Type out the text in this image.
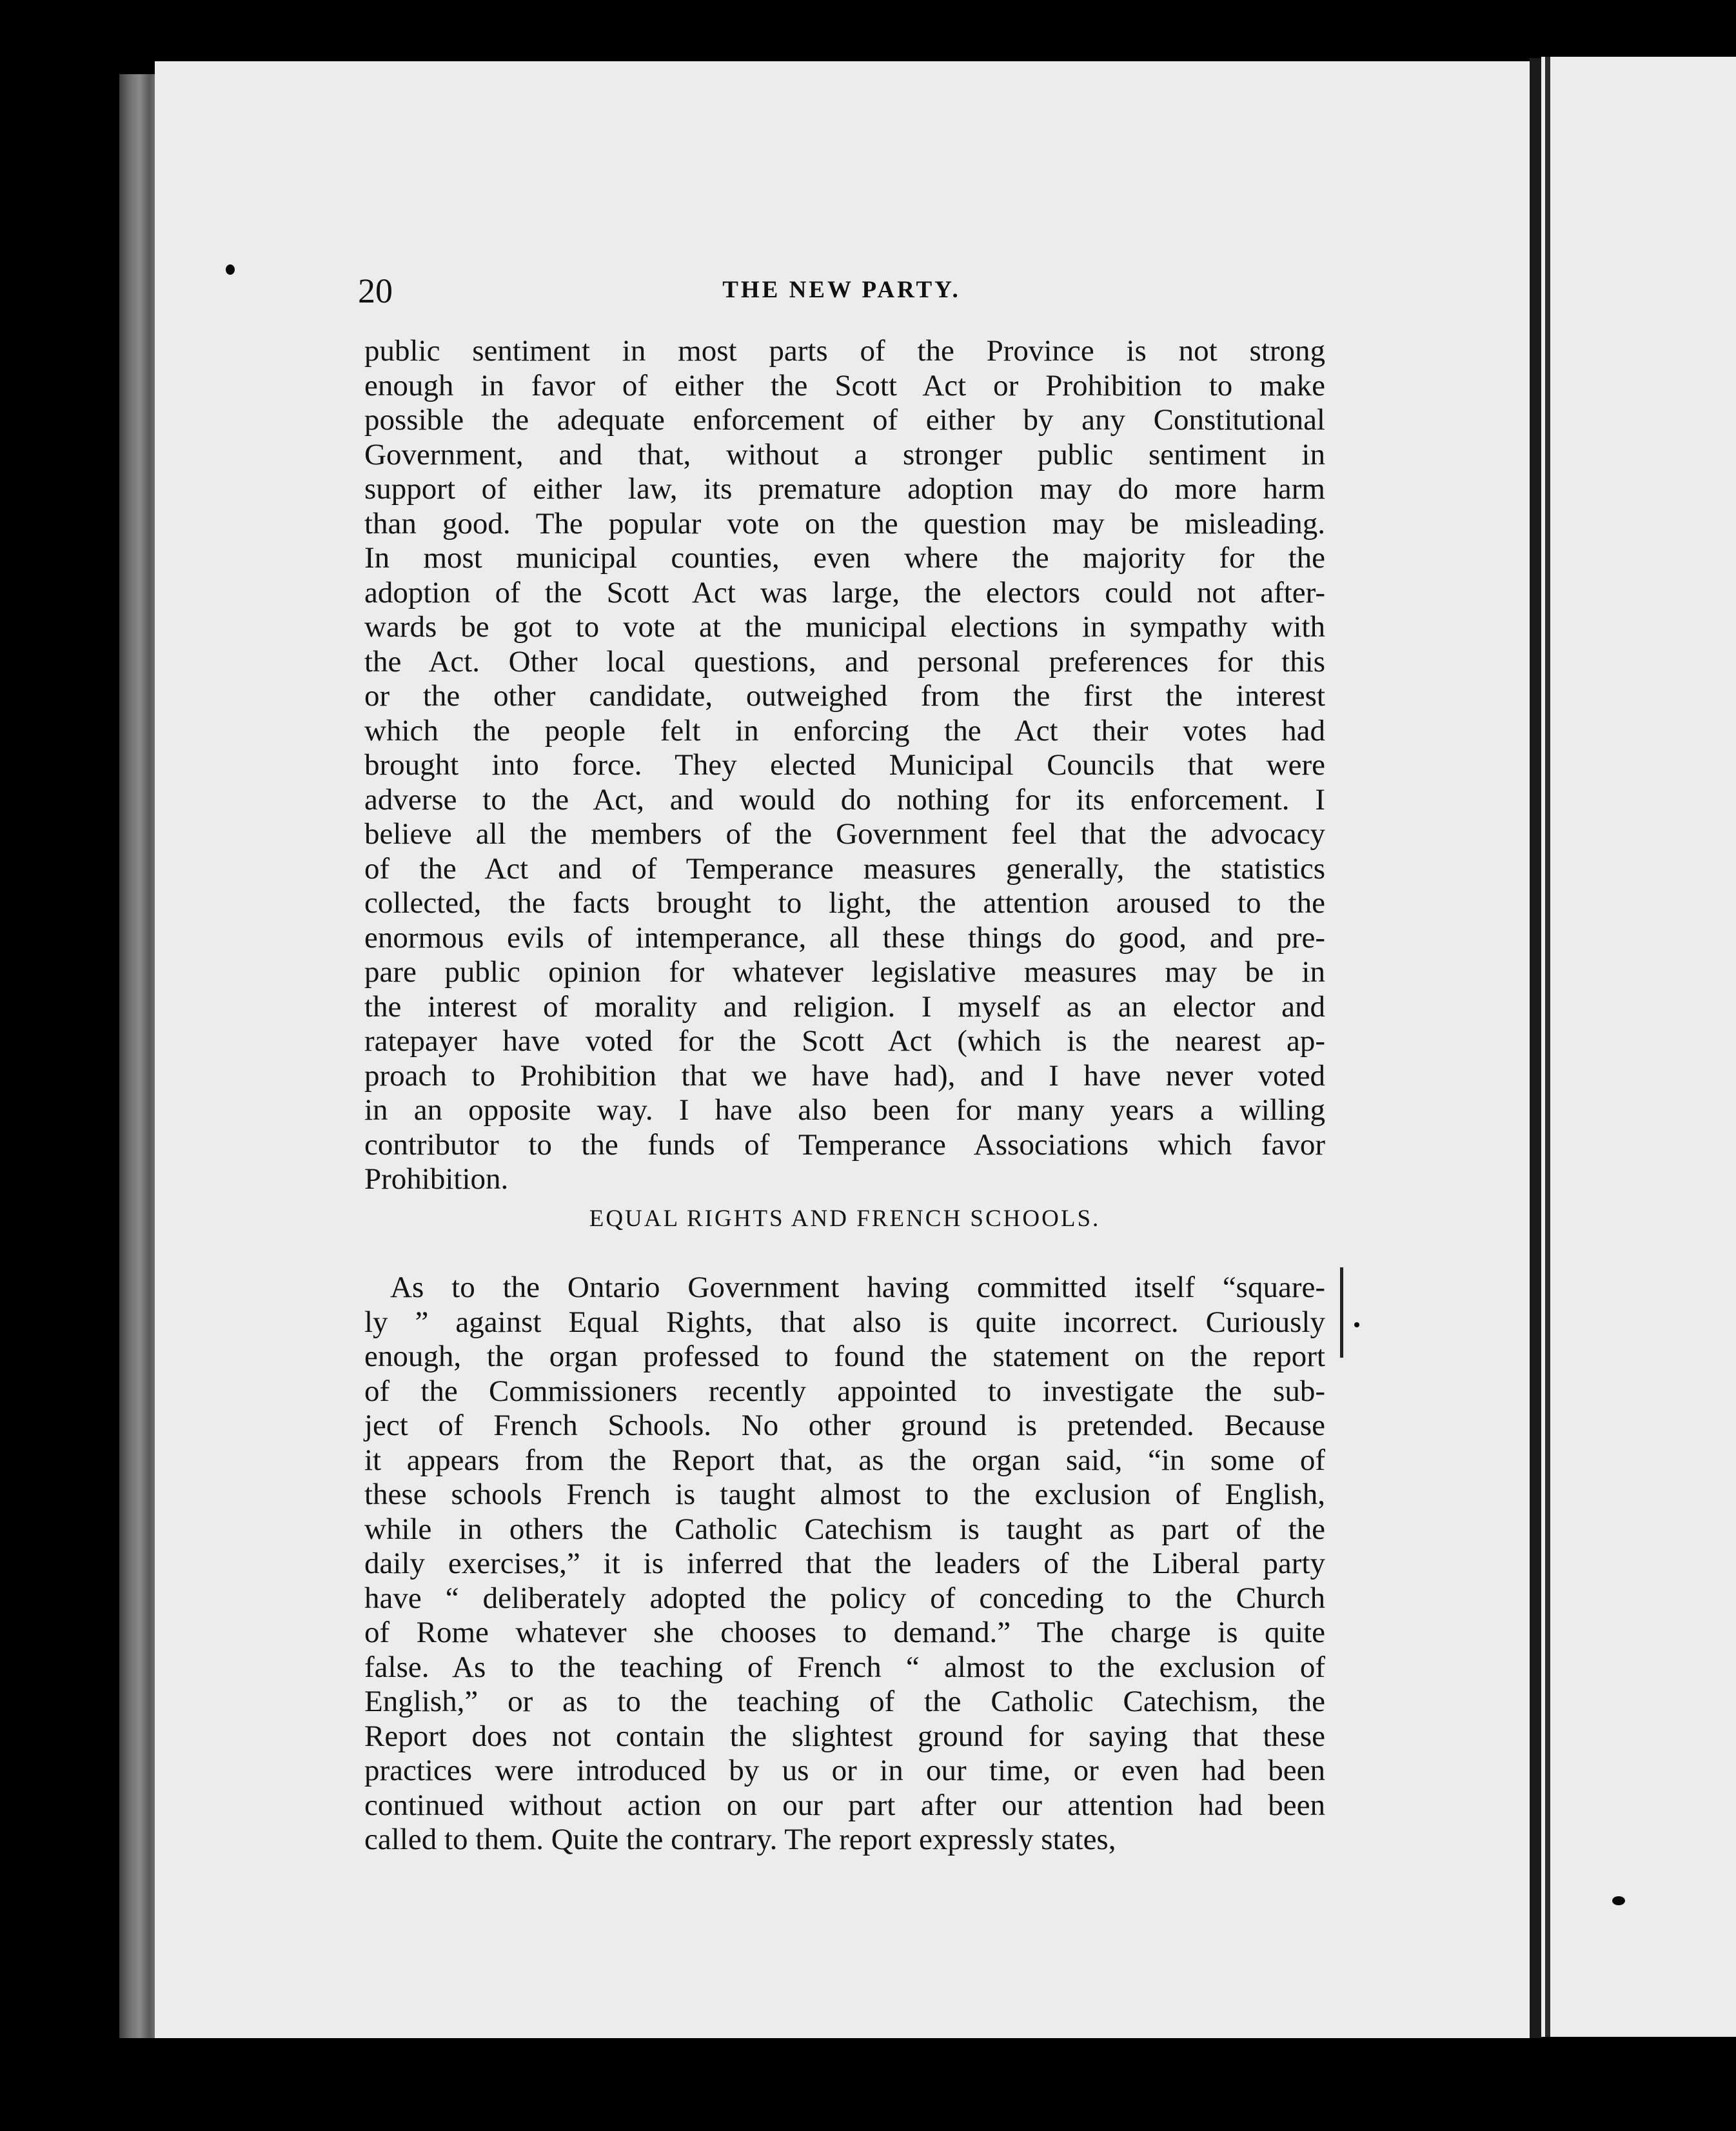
20	THE NEW PARTY.
public sentiment in most parts of the Province is not strong
enough in favor of either the Scott Act or Prohibition to make
possible the adequate enforcement of either by any Constitutional
Government, and that, without a stronger public sentiment in
support of either law, its premature adoption may do more harm
than good. The popular vote on the question may be misleading.
In most municipal counties, even where the majority for the
adoption of the Scott Act was large, the electors could not after-
wards be got to vote at the municipal elections in sympathy with
the Act. Other local questions, and personal preferences for this
or the other candidate, outweighed from the first the interest
which the people felt in enforcing the Act their votes had
brought into force. They elected Municipal Councils that were
adverse to the Act, and would do nothing for its enforcement. I
believe all the members of the Government feel that the advocacy
of the Act and of Temperance measures generally, the statistics
collected, the facts brought to light, the attention aroused to the
enormous evils of intemperance, all these things do good, and pre-
pare public opinion for whatever legislative measures may be in
the interest of morality and religion. I myself as an elector and
ratepayer have voted for the Scott Act (which is the nearest ap-
proach to Prohibition that we have had), and I have never voted
in an opposite way. I have also been for many years a willing
contributor to the funds of Temperance Associations which favor
Prohibition.
EQUAL RIGHTS AND FRENCH SCHOOLS.
As to the Ontario Government having committed itself “square-
ly ” against Equal Rights, that also is quite incorrect. Curiously
enough, the organ professed to found the statement on the report
of the Commissioners recently appointed to investigate the sub-
ject of French Schools. No other ground is pretended. Because
it appears from the Report that, as the organ said, “in some of
these schools French is taught almost to the exclusion of English,
while in others the Catholic Catechism is taught as part of the
daily exercises,” it is inferred that the leaders of the Liberal party
have “ deliberately adopted the policy of conceding to the Church
of Rome whatever she chooses to demand.” The charge is quite
false. As to the teaching of French “ almost to the exclusion of
English,” or as to the teaching of the Catholic Catechism, the
Report does not contain the slightest ground for saying that these
practices were introduced by us or in our time, or even had been
continued without action on our part after our attention had been
called to them. Quite the contrary. The report expressly states,
